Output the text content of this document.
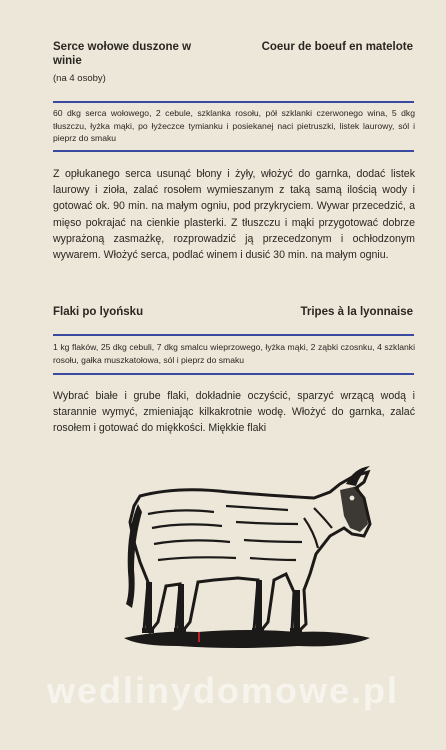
Serce wołowe duszone w winie
Coeur de boeuf en matelote
(na 4 osoby)
60 dkg serca wołowego, 2 cebule, szklanka rosołu, pół szklanki czerwonego wina, 5 dkg tłuszczu, łyżka mąki, po łyżeczce tymianku i posiekanej naci pietruszki, listek laurowy, sól i pieprz do smaku
Z opłukanego serca usunąć błony i żyły, włożyć do garnka, dodać listek laurowy i zioła, zalać rosołem wymieszanym z taką samą ilością wody i gotować ok. 90 min. na małym ogniu, pod przykryciem. Wywar przecedzić, a mięso pokrajać na cienkie plasterki. Z tłuszczu i mąki przygotować dobrze wyprażoną zasmażkę, rozprowadzić ją przecedzonym i ochłodzonym wywarem. Włożyć serca, podlać winem i dusić 30 min. na małym ogniu.
Flaki po lyońsku	Tripes à la lyonnaise
1 kg flaków, 25 dkg cebuli, 7 dkg smalcu wieprzowego, łyżka mąki, 2 ząbki czosnku, 4 szklanki rosołu, gałka muszkatołowa, sól i pieprz do smaku
Wybrać białe i grube flaki, dokładnie oczyścić, sparzyć wrzącą wodą i starannie wymyć, zmieniając kilkakrotnie wodę. Włożyć do garnka, zalać rosołem i gotować do miękkości. Miękkie flaki
wedlinydomowe.pl
